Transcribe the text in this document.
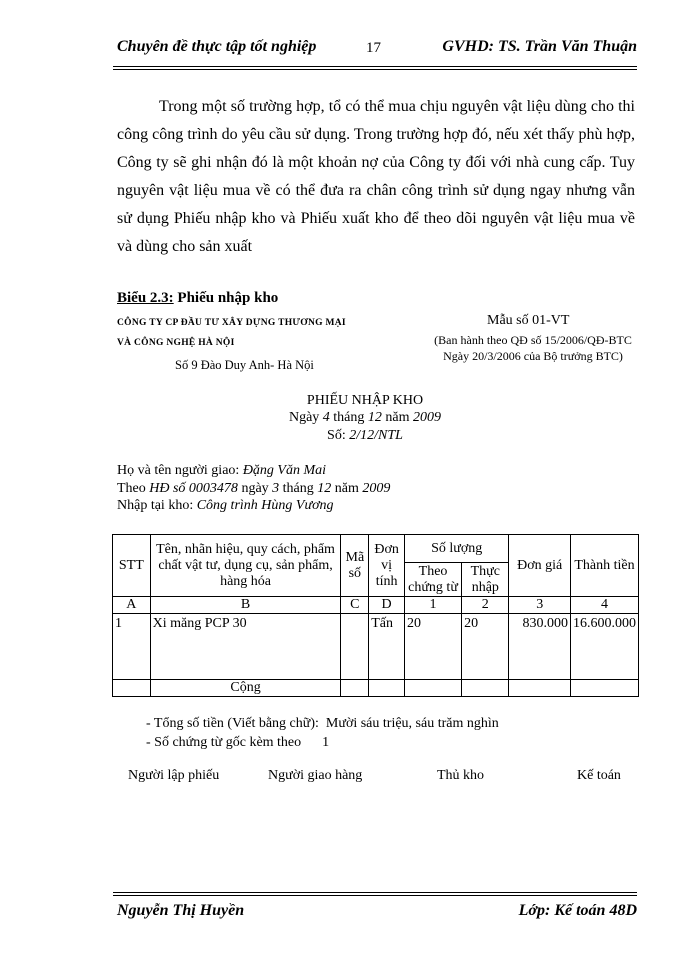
Chuyên đề thực tập tốt nghiệp	17	GVHD: TS. Trần Văn Thuận

Trong một số trường hợp, tổ có thể mua chịu nguyên vật liệu dùng cho thi công công trình do yêu cầu sử dụng. Trong trường hợp đó, nếu xét thấy phù hợp, Công ty sẽ ghi nhận đó là một khoản nợ của Công ty đối với nhà cung cấp. Tuy nguyên vật liệu mua về có thể đưa ra chân công trình sử dụng ngay nhưng vẫn sử dụng Phiếu nhập kho và Phiếu xuất kho để theo dõi nguyên vật liệu mua về và dùng cho sản xuất

Biểu 2.3: Phiếu nhập kho
CÔNG TY CP ĐẦU TƯ XÂY DỰNG THƯƠNG MẠI
VÀ CÔNG NGHỆ HÀ NỘI
Số 9 Đào Duy Anh- Hà Nội
Mẫu số 01-VT
(Ban hành theo QĐ số 15/2006/QĐ-BTC
Ngày 20/3/2006 của Bộ trưởng BTC)
PHIẾU NHẬP KHO
Ngày 4 tháng 12 năm 2009
Số: 2/12/NTL
Họ và tên người giao: Đặng Văn Mai
Theo HĐ số 0003478 ngày 3 tháng 12 năm 2009
Nhập tại kho: Công trình Hùng Vương
STT	Tên, nhãn hiệu, quy cách, phẩm chất vật tư, dụng cụ, sản phẩm, hàng hóa	Mã số	Đơn vị tính	Số lượng		Đơn giá	Thành tiền
				Theo chứng từ	Thực nhập		
A	B	C	D	1	2	3	4
1	Xi măng PCP 30		Tấn	20	20	830.000	16.600.000
	Cộng						
- Tổng số tiền (Viết bằng chữ): Mười sáu triệu, sáu trăm nghìn
- Số chứng từ gốc kèm theo 1
Người lập phiếu	Người giao hàng	Thủ kho	Kế toán
Nguyễn Thị Huyền	Lớp: Kế toán 48D
